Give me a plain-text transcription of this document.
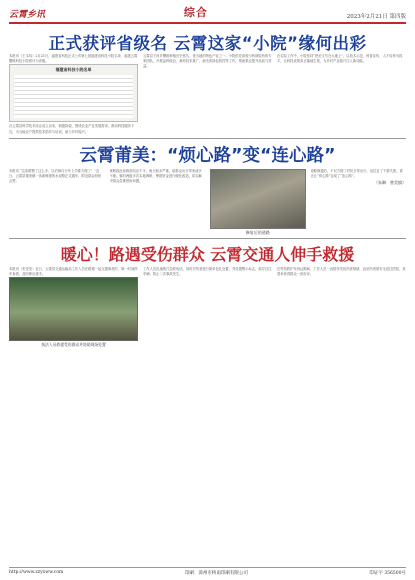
云霄乡讯	综合	2023年2月21日 第四版
正式获评省级名 云霄这家“小院”缘何出彩

本报讯（王本均）2月21日，福建省科技正式公布第七批福建省科技小院名单，福建云霄樱桃科技小院被评为省级。

福建省科技小院名单

自云霄县科学技术协会成立以来，积极探索，围绕农业产业发展需求，推动科技服务下沉，为当地农户提供技术指导与培训，助力乡村振兴。

云霄县下河乡樱桃种植历史悠久，是当地的特色产业之一。小院依托高校与科研院所的专家团队，开展品种改良、栽培技术推广、病虫害绿色防控等工作，帮助果农提升品质与效益。

在实际工作中，小院坚持“把论文写在大地上”，以技术示范、科普宣传、人才培养为抓手，让科技成果真正落地生根，为乡村产业振兴注入新动能。

云霄莆美：“烦心路”变“连心路”

本报讯 “这条路整了这么多，以后骑自行车上学都方便了！”近日，云霄县莆美镇一条新修建的水泥路正式通车，附近群众纷纷点赞。

该路段此前路面坑洼不平，雨天积水严重，给群众出行带来诸多不便。镇村两级多次实地调研，筹措资金进行硬化改造，切实解决群众急难愁盼问题。

修复后的道路

道路修通后，不仅方便了村民日常出行，也拉近了干群关系，真正让“烦心路”变成了“连心路”。

（朱琳　曾美镇）
暖心！路遇受伤群众 云霄交通人伸手救援

本报讯（朱莹莹）近日，云霄县交通运输局工作人员在路遇一起交通事故时，第一时间停车查看，及时伸出援手。

执法人员救援受伤群众并协助现场处置

工作人员迅速拨打急救电话，同时对伤者进行简单包扎处置，并设置警示标志，疏导过往车辆，防止二次事故发生。

在等待救护车到达期间，工作人员一直陪伴安抚伤者情绪，直至伤者被安全送往医院，其善举获得群众一致好评。

http://www.zzyxww.com	印刷：漳州市桥南印刷有限公司	印证字 356500号
